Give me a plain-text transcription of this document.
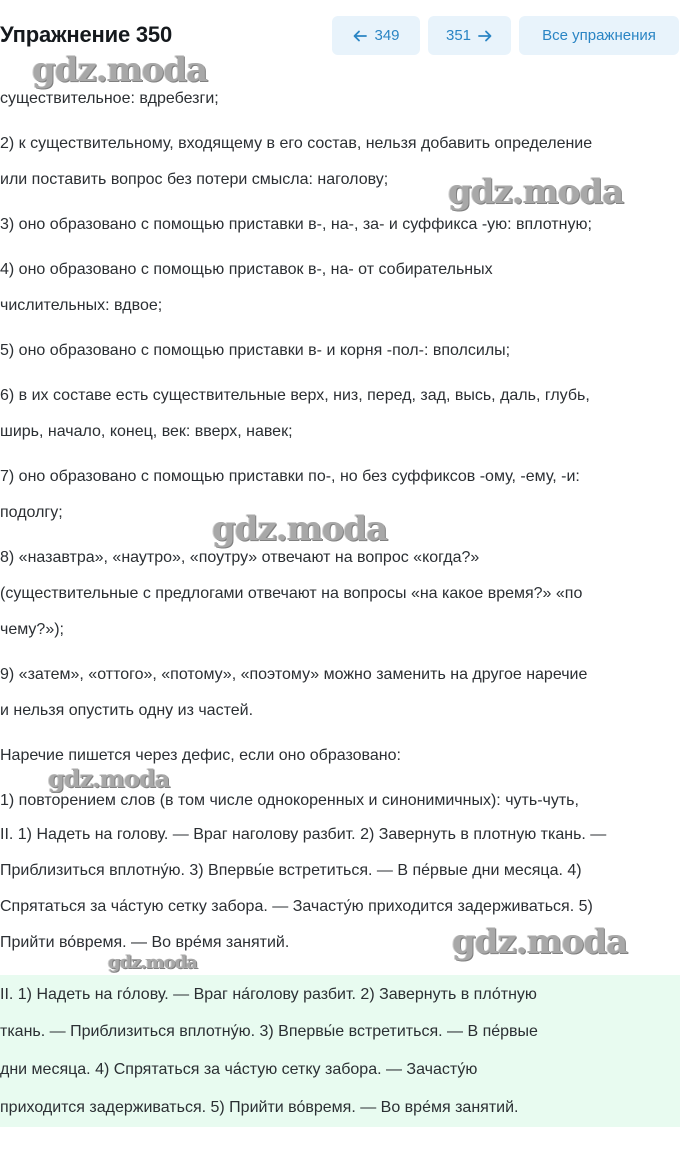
Упражнение 350	349	351	Все упражнения
существительное: вдребезги;
2) к существительному, входящему в его состав, нельзя добавить определение
или поставить вопрос без потери смысла: наголову;
3) оно образовано с помощью приставки в-, на-, за- и суффикса -ую: вплотную;
4) оно образовано с помощью приставок в-, на- от собирательных
числительных: вдвое;
5) оно образовано с помощью приставки в- и корня -пол-: вполсилы;
6) в их составе есть существительные верх, низ, перед, зад, высь, даль, глубь,
ширь, начало, конец, век: вверх, навек;
7) оно образовано с помощью приставки по-, но без суффиксов -ому, -ему, -и:
подолгу;
8) «назавтра», «наутро», «поутру» отвечают на вопрос «когда?»
(существительные с предлогами отвечают на вопросы «на какое время?» «по
чему?»);
9) «затем», «оттого», «потому», «поэтому» можно заменить на другое наречие
и нельзя опустить одну из частей.
Наречие пишется через дефис, если оно образовано:
1) повторением слов (в том числе однокоренных и синонимичных): чуть-чуть,
II. 1) Надеть на голову. — Враг наголову разбит. 2) Завернуть в плотную ткань. —
Приблизиться вплотну́ю. 3) Впервы́е встретиться. — В пе́рвые дни месяца. 4)
Спрятаться за ча́стую сетку забора. — Зачасту́ю приходится задерживаться. 5)
Прийти во́время. — Во вре́мя занятий.
II. 1) Надеть на го́лову. — Враг на́голову разбит. 2) Завернуть в пло́тную
ткань. — Приблизиться вплотну́ю. 3) Впервы́е встретиться. — В пе́рвые
дни месяца. 4) Спрятаться за ча́стую сетку забора. — Зачасту́ю
приходится задерживаться. 5) Прийти во́время. — Во вре́мя занятий.
gdz.moda
gdz.moda
gdz.moda
gdz.moda
gdz.moda
gdz.moda
